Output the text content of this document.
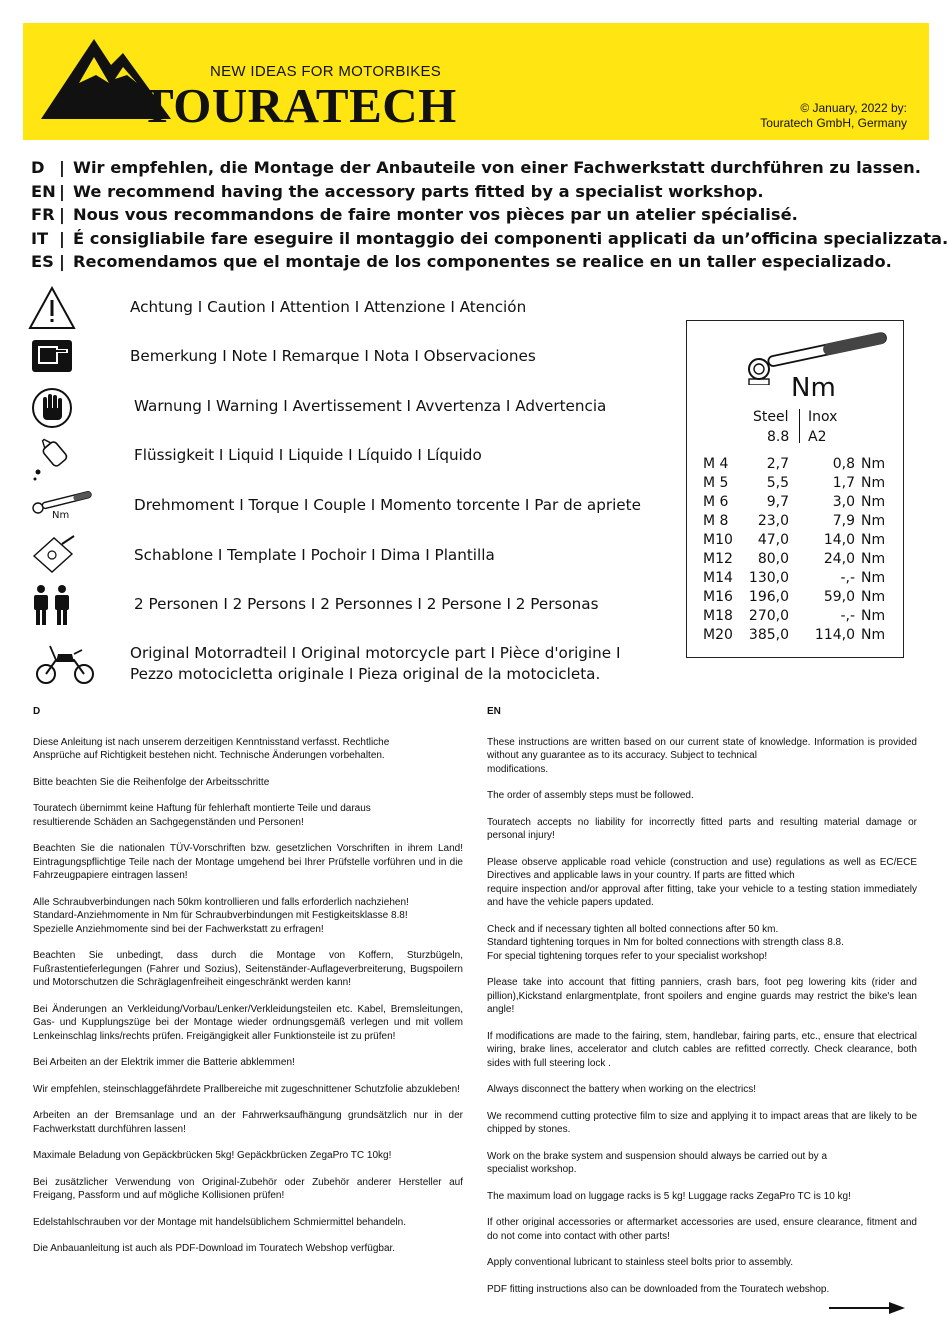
NEW IDEAS FOR MOTORBIKES
TOURATECH	© January, 2022 by:
Touratech GmbH, Germany
D | Wir empfehlen, die Montage der Anbauteile von einer Fachwerkstatt durchführen zu lassen.
EN | We recommend having the accessory parts fitted by a specialist workshop.
FR | Nous vous recommandons de faire monter vos pièces par un atelier spécialisé.
IT | É consigliabile fare eseguire il montaggio dei componenti applicati da un’officina specializzata.
ES | Recomendamos que el montaje de los componentes se realice en un taller especializado.
Achtung I Caution I Attention I Attenzione I Atención
Bemerkung I Note I Remarque I Nota I Observaciones
Warnung I Warning I Avertissement I Avvertenza I Advertencia
Flüssigkeit I Liquid I Liquide I Líquido I Líquido
Nm
Drehmoment I Torque I Couple I Momento torcente I Par de apriete
Schablone I Template I Pochoir I Dima I Plantilla
2 Personen I 2 Persons I 2 Personnes I 2 Persone I 2 Personas
Original Motorradteil I Original motorcycle part I Pièce d'origine I
Pezzo motocicletta originale I Pieza original de la motocicleta.
Nm
Steel Inox
8.8 A2
M 4	2,7	0,8 Nm
M 5	5,5	1,7 Nm
M 6	9,7	3,0 Nm
M 8 23,0	7,9 Nm
M10 47,0 14,0 Nm
M12 80,0 24,0 Nm
M14 130,0	-,- Nm
M16 196,0 59,0 Nm
M18 270,0	-,- Nm
M20 385,0 114,0 Nm
D

Diese Anleitung ist nach unserem derzeitigen Kenntnisstand verfasst. Rechtliche
Ansprüche auf Richtigkeit bestehen nicht. Technische Änderungen vorbehalten.

Bitte beachten Sie die Reihenfolge der Arbeitsschritte

Touratech übernimmt keine Haftung für fehlerhaft montierte Teile und daraus
resultierende Schäden an Sachgegenständen und Personen!

Beachten Sie die nationalen TÜV-Vorschriften bzw. gesetzlichen Vorschriften in ihrem Land! Eintragungspflichtige Teile nach der Montage umgehend bei Ihrer Prüfstelle vorführen und in die Fahrzeugpapiere eintragen lassen!

Alle Schraubverbindungen nach 50km kontrollieren und falls erforderlich nachziehen!
Standard-Anziehmomente in Nm für Schraubverbindungen mit Festigkeitsklasse 8.8!
Spezielle Anziehmomente sind bei der Fachwerkstatt zu erfragen!

Beachten Sie unbedingt, dass durch die Montage von Koffern, Sturzbügeln, Fußrastentieferlegungen (Fahrer und Sozius), Seitenständer-Auflageverbreiterung, Bugspoilern und Motorschutzen die Schräglagenfreiheit eingeschränkt werden kann!

Bei Änderungen an Verkleidung/Vorbau/Lenker/Verkleidungsteilen etc. Kabel, Bremsleitungen, Gas- und Kupplungszüge bei der Montage wieder ordnungsgemäß verlegen und mit vollem Lenkeinschlag links/rechts prüfen. Freigängigkeit aller Funktionsteile ist zu prüfen!

Bei Arbeiten an der Elektrik immer die Batterie abklemmen!

Wir empfehlen, steinschlaggefährdete Prallbereiche mit zugeschnittener Schutzfolie abzukleben!

Arbeiten an der Bremsanlage und an der Fahrwerksaufhängung grundsätzlich nur in der Fachwerkstatt durchführen lassen!

Maximale Beladung von Gepäckbrücken 5kg! Gepäckbrücken ZegaPro TC 10kg!

Bei zusätzlicher Verwendung von Original-Zubehör oder Zubehör anderer Hersteller auf Freigang, Passform und auf mögliche Kollisionen prüfen!

Edelstahlschrauben vor der Montage mit handelsüblichem Schmiermittel behandeln.

Die Anbauanleitung ist auch als PDF-Download im Touratech Webshop verfügbar.

EN

These instructions are written based on our current state of knowledge. Information is provided without any guarantee as to its accuracy. Subject to technical
modifications.

The order of assembly steps must be followed.

Touratech accepts no liability for incorrectly fitted parts and resulting material damage or personal injury!

Please observe applicable road vehicle (construction and use) regulations as well as EC/ECE Directives and applicable laws in your country. If parts are fitted which
require inspection and/or approval after fitting, take your vehicle to a testing station immediately and have the vehicle papers updated.

Check and if necessary tighten all bolted connections after 50 km.
Standard tightening torques in Nm for bolted connections with strength class 8.8.
For special tightening torques refer to your specialist workshop!

Please take into account that fitting panniers, crash bars, foot peg lowering kits (rider and pillion),Kickstand enlargmentplate, front spoilers and engine guards may restrict the bike's lean angle!

If modifications are made to the fairing, stem, handlebar, fairing parts, etc., ensure that electrical wiring, brake lines, accelerator and clutch cables are refitted correctly. Check clearance, both sides with full steering lock .

Always disconnect the battery when working on the electrics!

We recommend cutting protective film to size and applying it to impact areas that are likely to be chipped by stones.

Work on the brake system and suspension should always be carried out by a
specialist workshop.

The maximum load on luggage racks is 5 kg! Luggage racks ZegaPro TC is 10 kg!

If other original accessories or aftermarket accessories are used, ensure clearance, fitment and do not come into contact with other parts!

Apply conventional lubricant to stainless steel bolts prior to assembly.

PDF fitting instructions also can be downloaded from the Touratech webshop.
